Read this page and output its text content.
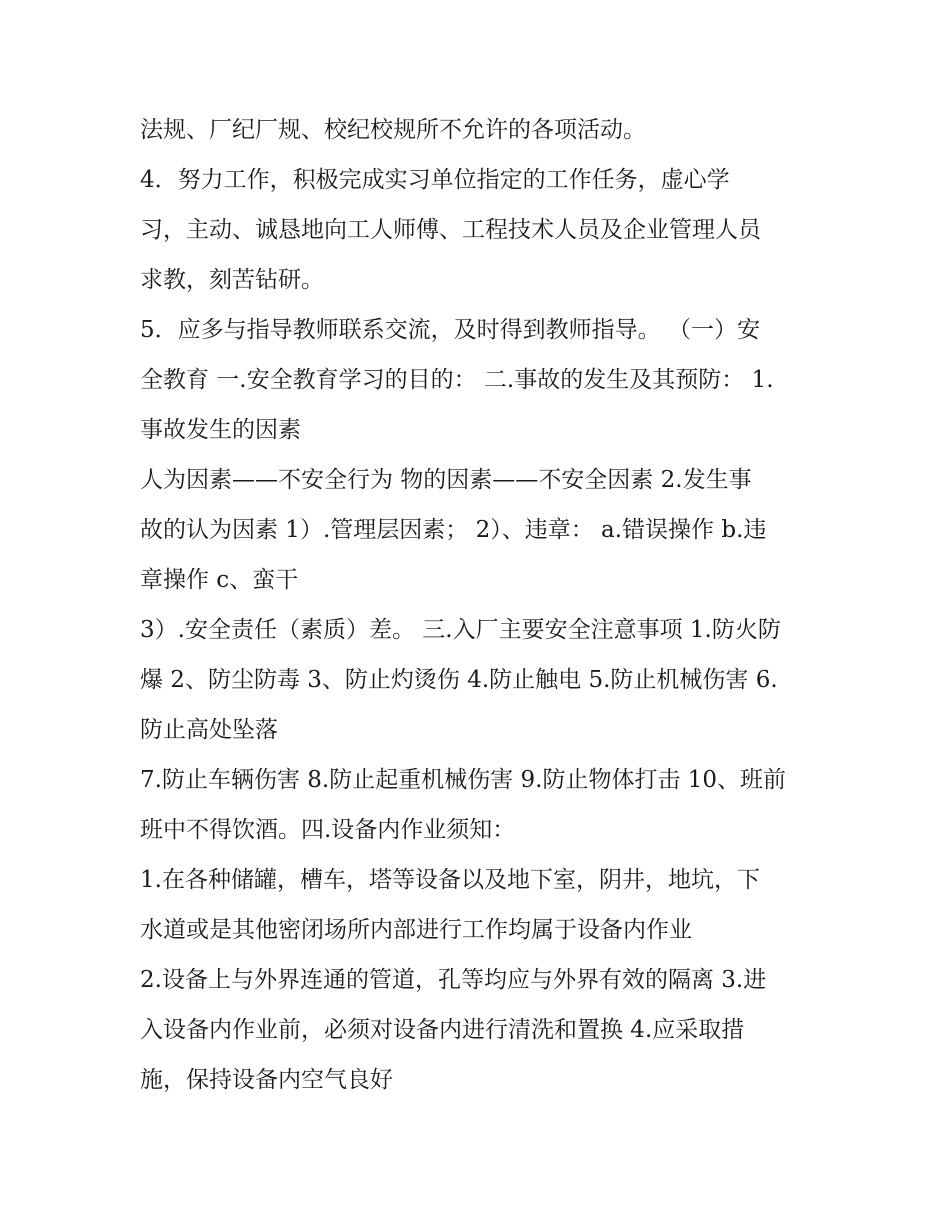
法规、厂纪厂规、校纪校规所不允许的各项活动。
4．努力工作，积极完成实习单位指定的工作任务，虚心学
习，主动、诚恳地向工人师傅、工程技术人员及企业管理人员
求教，刻苦钻研。
5．应多与指导教师联系交流，及时得到教师指导。 （一）安
全教育 一.安全教育学习的目的： 二.事故的发生及其预防： 1.
事故发生的因素
人为因素——不安全行为 物的因素——不安全因素 2.发生事
故的认为因素 1）.管理层因素； 2）、违章： a.错误操作 b.违
章操作 c、蛮干
3）.安全责任（素质）差。 三.入厂主要安全注意事项 1.防火防
爆 2、防尘防毒 3、防止灼烫伤 4.防止触电 5.防止机械伤害 6.
防止高处坠落
7.防止车辆伤害 8.防止起重机械伤害 9.防止物体打击 10、班前
班中不得饮酒。四.设备内作业须知：
1.在各种储罐，槽车，塔等设备以及地下室，阴井，地坑，下
水道或是其他密闭场所内部进行工作均属于设备内作业
2.设备上与外界连通的管道，孔等均应与外界有效的隔离 3.进
入设备内作业前，必须对设备内进行清洗和置换 4.应采取措
施，保持设备内空气良好
